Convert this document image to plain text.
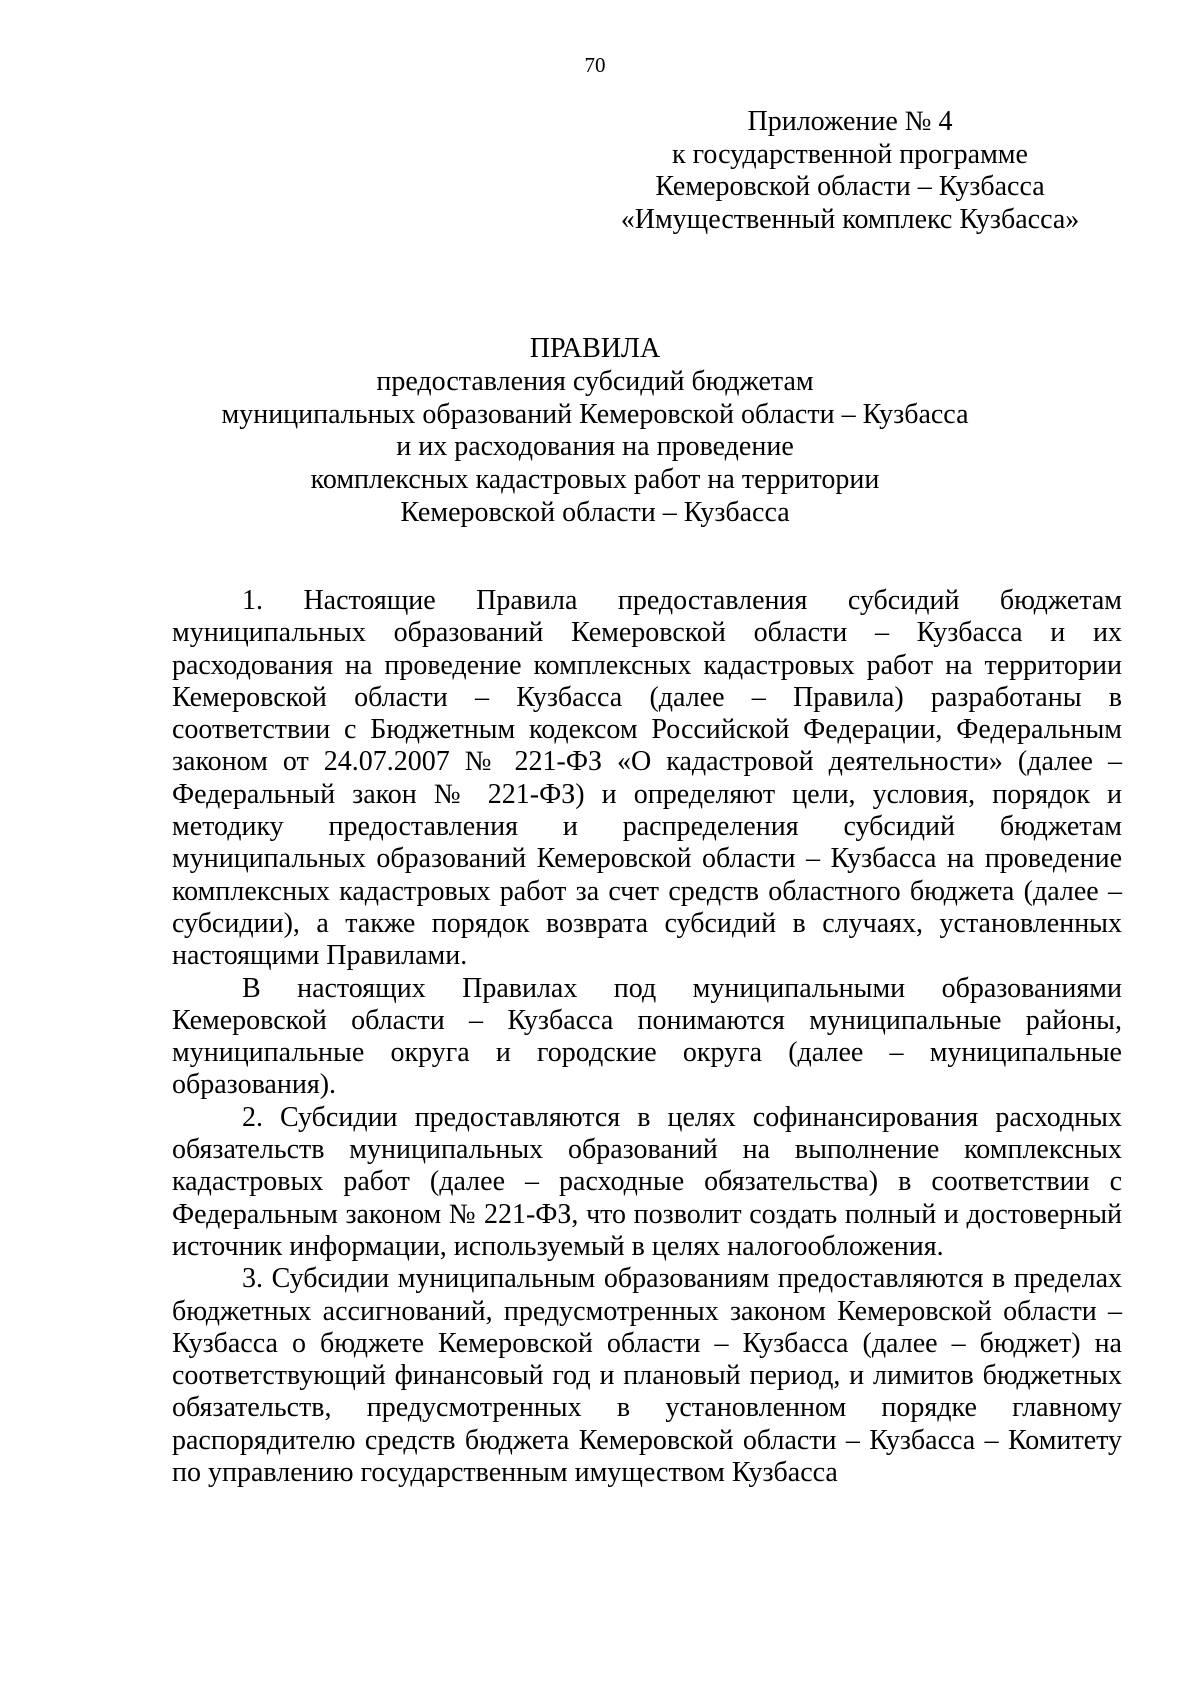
70
Приложение № 4
к государственной программе
Кемеровской области – Кузбасса
«Имущественный комплекс Кузбасса»
ПРАВИЛА
предоставления субсидий бюджетам
муниципальных образований Кемеровской области – Кузбасса
и их расходования на проведение
комплексных кадастровых работ на территории
Кемеровской области – Кузбасса

1. Настоящие Правила предоставления субсидий бюджетам муниципальных образований Кемеровской области – Кузбасса и их расходования на проведение комплексных кадастровых работ на территории Кемеровской области – Кузбасса (далее – Правила) разработаны в соответствии с Бюджетным кодексом Российской Федерации, Федеральным законом от 24.07.2007 № 221-ФЗ «О кадастровой деятельности» (далее – Федеральный закон № 221-ФЗ) и определяют цели, условия, порядок и методику предоставления и распределения субсидий бюджетам муниципальных образований Кемеровской области – Кузбасса на проведение комплексных кадастровых работ за счет средств областного бюджета (далее – субсидии), а также порядок возврата субсидий в случаях, установленных настоящими Правилами.

В настоящих Правилах под муниципальными образованиями Кемеровской области – Кузбасса понимаются муниципальные районы, муниципальные округа и городские округа (далее – муниципальные образования).

2. Субсидии предоставляются в целях софинансирования расходных обязательств муниципальных образований на выполнение комплексных кадастровых работ (далее – расходные обязательства) в соответствии с Федеральным законом № 221-ФЗ, что позволит создать полный и достоверный источник информации, используемый в целях налогообложения.

3. Субсидии муниципальным образованиям предоставляются в пределах бюджетных ассигнований, предусмотренных законом Кемеровской области – Кузбасса о бюджете Кемеровской области – Кузбасса (далее – бюджет) на соответствующий финансовый год и плановый период, и лимитов бюджетных обязательств, предусмотренных в установленном порядке главному распорядителю средств бюджета Кемеровской области – Кузбасса – Комитету по управлению государственным имуществом Кузбасса
